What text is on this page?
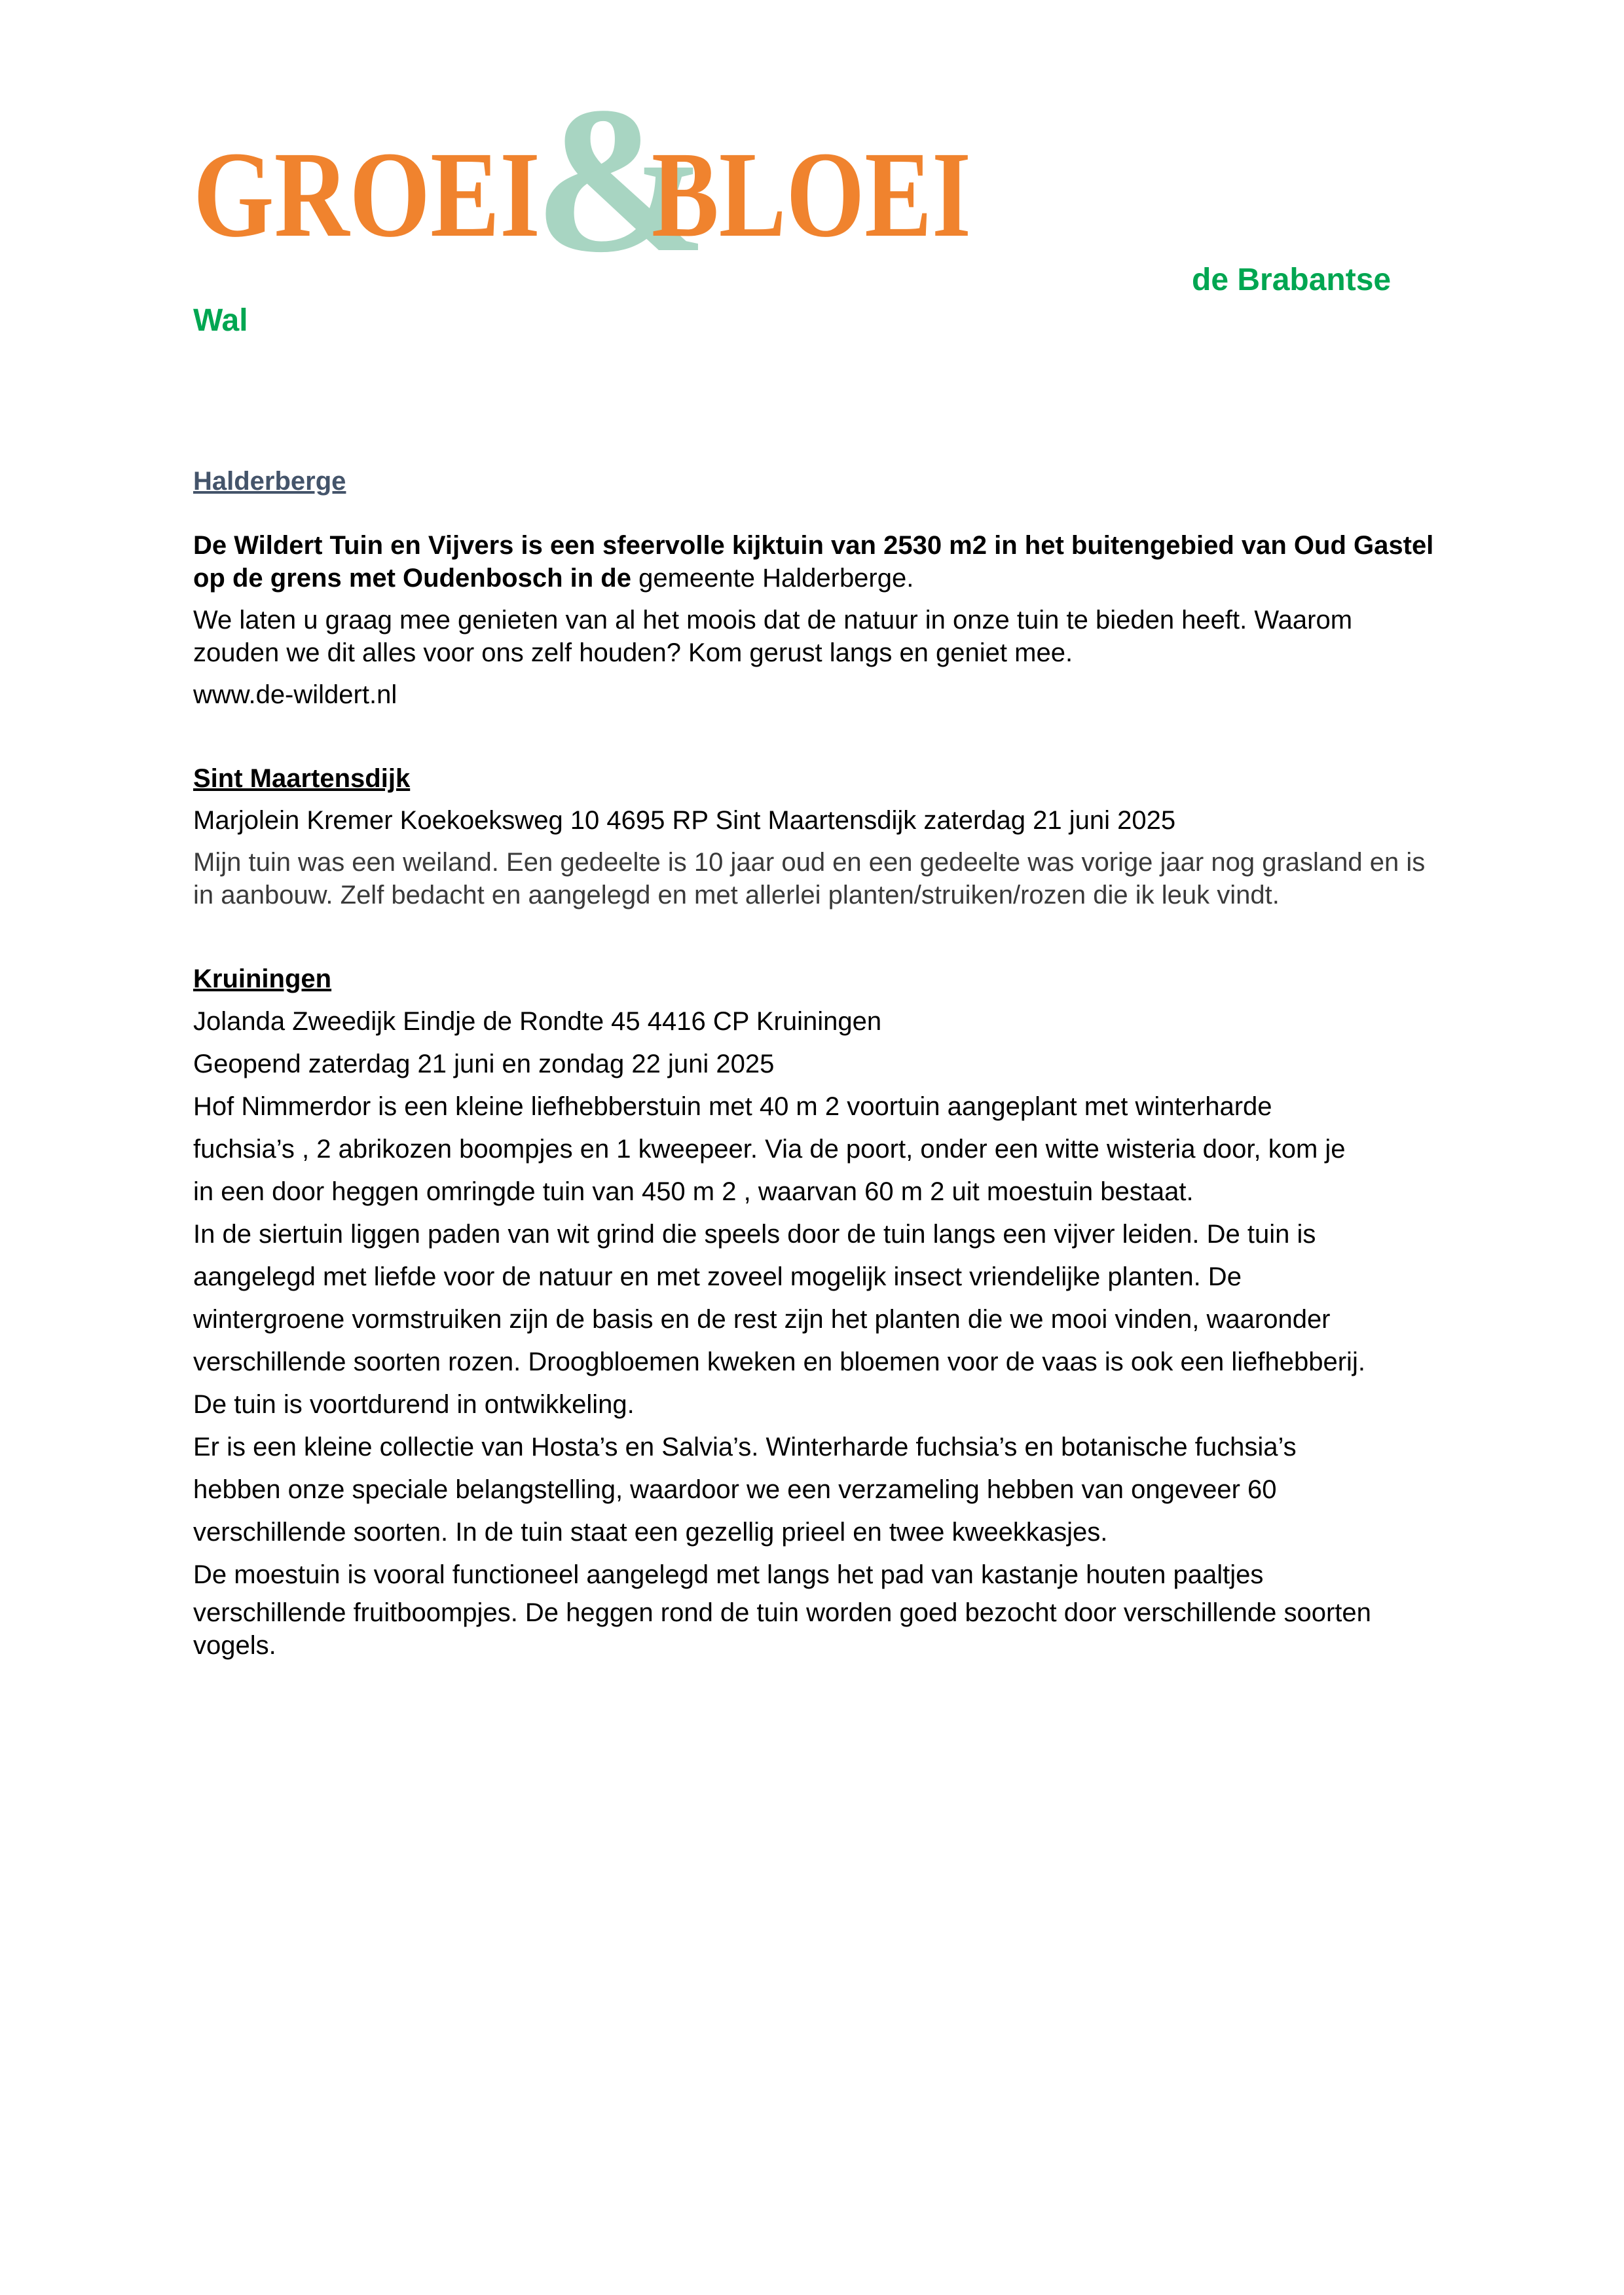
&
GROEI BLOEI
de Brabantse
Wal

Halderberge

De Wildert Tuin en Vijvers is een sfeervolle kijktuin van 2530 m2 in het buitengebied van Oud Gastel op de grens met Oudenbosch in de gemeente Halderberge.

We laten u graag mee genieten van al het moois dat de natuur in onze tuin te bieden heeft. Waarom zouden we dit alles voor ons zelf houden? Kom gerust langs en geniet mee.

www.de-wildert.nl

Sint Maartensdijk

Marjolein Kremer Koekoeksweg 10 4695 RP Sint Maartensdijk zaterdag 21 juni 2025

Mijn tuin was een weiland. Een gedeelte is 10 jaar oud en een gedeelte was vorige jaar nog grasland en is in aanbouw. Zelf bedacht en aangelegd en met allerlei planten/struiken/rozen die ik leuk vindt.

Kruiningen

Jolanda Zweedijk Eindje de Rondte 45 4416 CP Kruiningen

Geopend zaterdag 21 juni en zondag 22 juni 2025

Hof Nimmerdor is een kleine liefhebberstuin met 40 m 2 voortuin aangeplant met winterharde

fuchsia’s , 2 abrikozen boompjes en 1 kweepeer. Via de poort, onder een witte wisteria door, kom je

in een door heggen omringde tuin van 450 m 2 , waarvan 60 m 2 uit moestuin bestaat.

In de siertuin liggen paden van wit grind die speels door de tuin langs een vijver leiden. De tuin is

aangelegd met liefde voor de natuur en met zoveel mogelijk insect vriendelijke planten. De

wintergroene vormstruiken zijn de basis en de rest zijn het planten die we mooi vinden, waaronder

verschillende soorten rozen. Droogbloemen kweken en bloemen voor de vaas is ook een liefhebberij.

De tuin is voortdurend in ontwikkeling.

Er is een kleine collectie van Hosta’s en Salvia’s. Winterharde fuchsia’s en botanische fuchsia’s

hebben onze speciale belangstelling, waardoor we een verzameling hebben van ongeveer 60

verschillende soorten. In de tuin staat een gezellig prieel en twee kweekkasjes.

De moestuin is vooral functioneel aangelegd met langs het pad van kastanje houten paaltjes

verschillende fruitboompjes. De heggen rond de tuin worden goed bezocht door verschillende soorten

vogels.
